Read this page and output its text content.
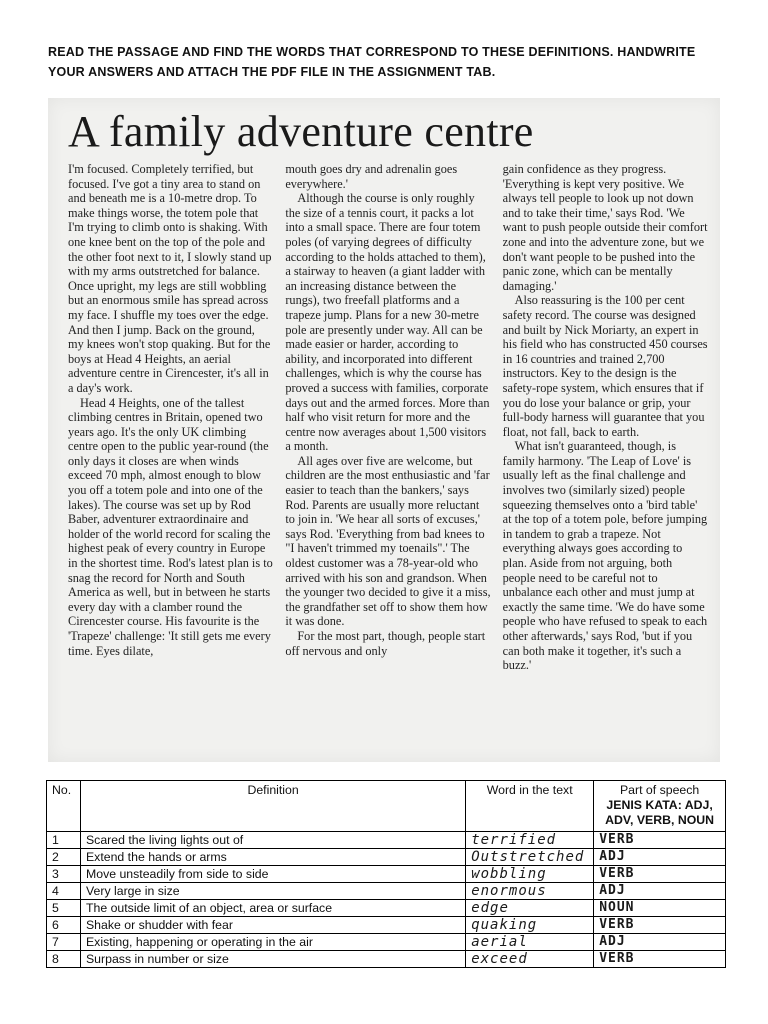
READ THE PASSAGE AND FIND THE WORDS THAT CORRESPOND TO THESE DEFINITIONS. HANDWRITE YOUR ANSWERS AND ATTACH THE PDF FILE IN THE ASSIGNMENT TAB.

A family adventure centre

I'm focused. Completely terrified, but focused. I've got a tiny area to stand on and beneath me is a 10-metre drop. To make things worse, the totem pole that I'm trying to climb onto is shaking. With one knee bent on the top of the pole and the other foot next to it, I slowly stand up with my arms outstretched for balance. Once upright, my legs are still wobbling but an enormous smile has spread across my face. I shuffle my toes over the edge. And then I jump. Back on the ground, my knees won't stop quaking. But for the boys at Head 4 Heights, an aerial adventure centre in Cirencester, it's all in a day's work.

Head 4 Heights, one of the tallest climbing centres in Britain, opened two years ago. It's the only UK climbing centre open to the public year-round (the only days it closes are when winds exceed 70 mph, almost enough to blow you off a totem pole and into one of the lakes). The course was set up by Rod Baber, adventurer extraordinaire and holder of the world record for scaling the highest peak of every country in Europe in the shortest time. Rod's latest plan is to snag the record for North and South America as well, but in between he starts every day with a clamber round the Cirencester course. His favourite is the 'Trapeze' challenge: 'It still gets me every time. Eyes dilate,

mouth goes dry and adrenalin goes everywhere.'

Although the course is only roughly the size of a tennis court, it packs a lot into a small space. There are four totem poles (of varying degrees of difficulty according to the holds attached to them), a stairway to heaven (a giant ladder with an increasing distance between the rungs), two freefall platforms and a trapeze jump. Plans for a new 30-metre pole are presently under way. All can be made easier or harder, according to ability, and incorporated into different challenges, which is why the course has proved a success with families, corporate days out and the armed forces. More than half who visit return for more and the centre now averages about 1,500 visitors a month.

All ages over five are welcome, but children are the most enthusiastic and 'far easier to teach than the bankers,' says Rod. Parents are usually more reluctant to join in. 'We hear all sorts of excuses,' says Rod. 'Everything from bad knees to "I haven't trimmed my toenails".' The oldest customer was a 78-year-old who arrived with his son and grandson. When the younger two decided to give it a miss, the grandfather set off to show them how it was done.

For the most part, though, people start off nervous and only

gain confidence as they progress. 'Everything is kept very positive. We always tell people to look up not down and to take their time,' says Rod. 'We want to push people outside their comfort zone and into the adventure zone, but we don't want people to be pushed into the panic zone, which can be mentally damaging.'

Also reassuring is the 100 per cent safety record. The course was designed and built by Nick Moriarty, an expert in his field who has constructed 450 courses in 16 countries and trained 2,700 instructors. Key to the design is the safety-rope system, which ensures that if you do lose your balance or grip, your full-body harness will guarantee that you float, not fall, back to earth.

What isn't guaranteed, though, is family harmony. 'The Leap of Love' is usually left as the final challenge and involves two (similarly sized) people squeezing themselves onto a 'bird table' at the top of a totem pole, before jumping in tandem to grab a trapeze. Not everything always goes according to plan. Aside from not arguing, both people need to be careful not to unbalance each other and must jump at exactly the same time. 'We do have some people who have refused to speak to each other afterwards,' says Rod, 'but if you can both make it together, it's such a buzz.'

No.	Definition	Word in the text	Part of speech
JENIS KATA: ADJ, ADV, VERB, NOUN
1	Scared the living lights out of	terrified	VERB
2	Extend the hands or arms	Outstretched	ADJ
3	Move unsteadily from side to side	wobbling	VERB
4	Very large in size	enormous	ADJ
5	The outside limit of an object, area or surface	edge	NOUN
6	Shake or shudder with fear	quaking	VERB
7	Existing, happening or operating in the air	aerial	ADJ
8	Surpass in number or size	exceed	VERB
